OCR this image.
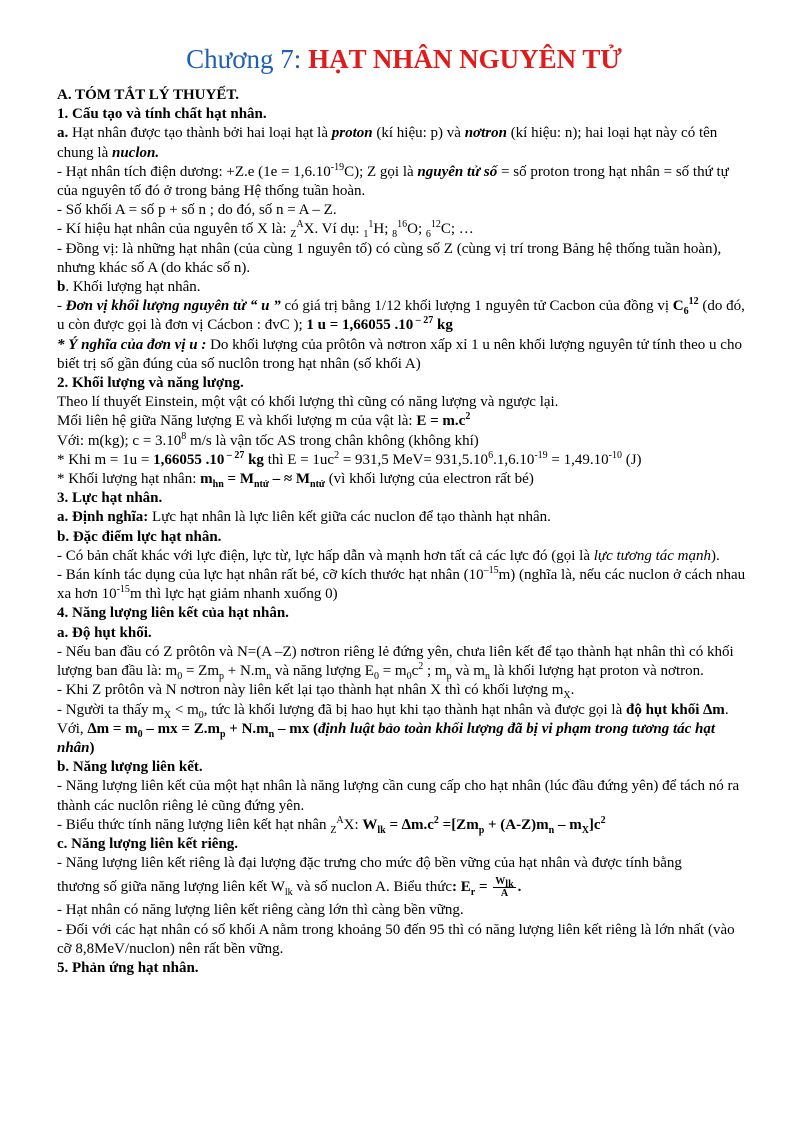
Chương 7: HẠT NHÂN NGUYÊN TỬ

A. TÓM TẮT LÝ THUYẾT.

1. Cấu tạo và tính chất hạt nhân.

a. Hạt nhân được tạo thành bởi hai loại hạt là proton (kí hiệu: p) và nơtron (kí hiệu: n); hai loại hạt này có tên chung là nuclon.

- Hạt nhân tích điện dương: +Z.e $(1e = 1,6.10^{-19}C)$; Z gọi là nguyên tử số = số proton trong hạt nhân = số thứ tự của nguyên tố đó ở trong bảng Hệ thống tuần hoàn.

- Số khối A = số p + số n ; do đó, số n = A – Z.

- Kí hiệu hạt nhân của nguyên tố X là: $_Z^A$X. Ví dụ: $_1^1$H; $_8^{16}$O; $_6^{12}$C; …

- Đồng vị: là những hạt nhân (của cùng 1 nguyên tố) có cùng số Z (cùng vị trí trong Bảng hệ thống tuần hoàn), nhưng khác số A (do khác số n).

b. Khối lượng hạt nhân.

- Đơn vị khối lượng nguyên tử “ u ” có giá trị bằng 1/12 khối lượng 1 nguyên tử Cacbon của đồng vị $C_6^{12}$ (do đó, u còn được gọi là đơn vị Cácbon : đvC ); 1 u = 1,66055 .10 $^{- 27}$ kg

* Ý nghĩa của đơn vị u : Do khối lượng của prôtôn và nơtron xấp xỉ 1 u nên khối lượng nguyên tử tính theo u cho biết trị số gần đúng của số nuclôn trong hạt nhân (số khối A)

2. Khối lượng và năng lượng.

Theo lí thuyết Einstein, một vật có khối lượng thì cũng có năng lượng và ngược lại.

Mối liên hệ giữa Năng lượng E và khối lượng m của vật là: $E = m.c^2$

Với: m(kg); $c = 3.10^8$ m/s là vận tốc AS trong chân không (không khí)

* Khi m = 1u = 1,66055 .10 $^{- 27}$ kg thì $E = 1uc^2 = 931,5$ $MeV= 931,5.10^6.1,6.10^{-19} = 1,49.10^{-10}$ (J)

* Khối lượng hạt nhân: $m_{hn} = M_{ntử}$ – ≈ $M_{ntử}$ (vì khối lượng của electron rất bé)

3. Lực hạt nhân.

a. Định nghĩa: Lực hạt nhân là lực liên kết giữa các nuclon để tạo thành hạt nhân.

b. Đặc điểm lực hạt nhân.

- Có bản chất khác với lực điện, lực từ, lực hấp dẫn và mạnh hơn tất cả các lực đó (gọi là lực tương tác mạnh).

- Bán kính tác dụng của lực hạt nhân rất bé, cỡ kích thước hạt nhân $(10^{-15}m)$ (nghĩa là, nếu các nuclon ở cách nhau xa hơn $10^{-15}m$ thì lực hạt giảm nhanh xuống 0)

4. Năng lượng liên kết của hạt nhân.

a. Độ hụt khối.

- Nếu ban đầu có Z prôtôn và N=(A –Z) nơtron riêng lẻ đứng yên, chưa liên kết để tạo thành hạt nhân thì có khối lượng ban đầu là: $m_0 = Zm_p + N.m_n$ và năng lượng $E_0 = m_0c^2$ ; $m_p$ và $m_n$ là khối lượng hạt proton và nơtron.

- Khi Z prôtôn và N nơtron này liên kết lại tạo thành hạt nhân X thì có khối lượng $m_X$.

- Người ta thấy $m_X < m_0$, tức là khối lượng đã bị hao hụt khi tạo thành hạt nhân và được gọi là độ hụt khối ∆m. Với, $\Delta m = m_0$ – mx = $Z.m_p + N.m_n$ – mx (định luật bảo toàn khối lượng đã bị vi phạm trong tương tác hạt nhân)

b. Năng lượng liên kết.

- Năng lượng liên kết của một hạt nhân là năng lượng cần cung cấp cho hạt nhân (lúc đầu đứng yên) để tách nó ra thành các nuclôn riêng lẻ cũng đứng yên.

- Biểu thức tính năng lượng liên kết hạt nhân $_Z^A$X: $W_{lk} = \Delta m.c^2 =[Zm_p + (A-Z)m_n - m_X]c^2$

c. Năng lượng liên kết riêng.

- Năng lượng liên kết riêng là đại lượng đặc trưng cho mức độ bền vững của hạt nhân và được tính bằng

thương số giữa năng lượng liên kết $W_{lk}$ và số nuclon A. Biểu thức: $E_r = \frac{W_{lk}}{A}$ .

- Hạt nhân có năng lượng liên kết riêng càng lớn thì càng bền vững.

- Đối với các hạt nhân có số khối A nằm trong khoảng 50 đến 95 thì có năng lượng liên kết riêng là lớn nhất (vào cỡ 8,8MeV/nuclon) nên rất bền vững.

5. Phản ứng hạt nhân.
